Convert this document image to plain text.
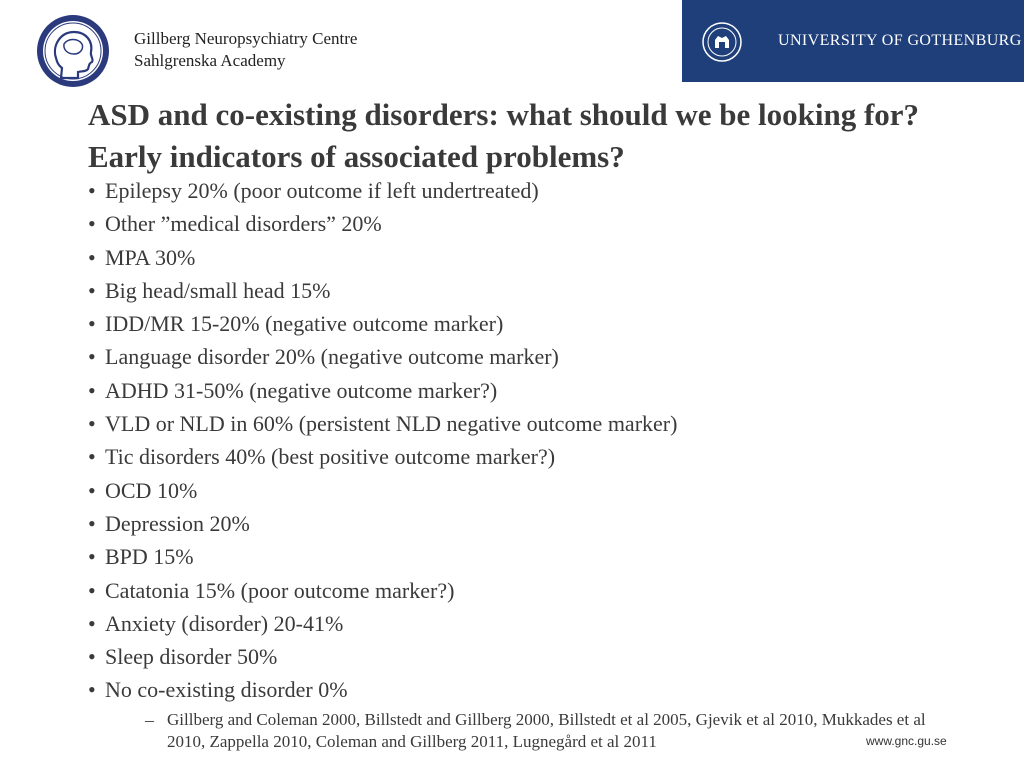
Gillberg Neuropsychiatry Centre
Sahlgrenska Academy
UNIVERSITY OF GOTHENBURG
ASD and co-existing disorders: what should we be looking for? Early indicators of associated problems?
• Epilepsy 20% (poor outcome if left undertreated)
• Other ”medical disorders” 20%
• MPA 30%
• Big head/small head 15%
• IDD/MR 15-20% (negative outcome marker)
• Language disorder 20% (negative outcome marker)
• ADHD 31-50% (negative outcome marker?)
• VLD or NLD in 60% (persistent NLD negative outcome marker)
• Tic disorders 40% (best positive outcome marker?)
• OCD 10%
• Depression 20%
• BPD 15%
• Catatonia 15% (poor outcome marker?)
• Anxiety (disorder) 20-41%
• Sleep disorder 50%
• No co-existing disorder 0%
– Gillberg and Coleman 2000, Billstedt and Gillberg 2000, Billstedt et al 2005, Gjevik et al 2010, Mukkades et al 2010, Zappella 2010, Coleman and Gillberg 2011, Lugnegård et al 2011	www.gnc.gu.se
